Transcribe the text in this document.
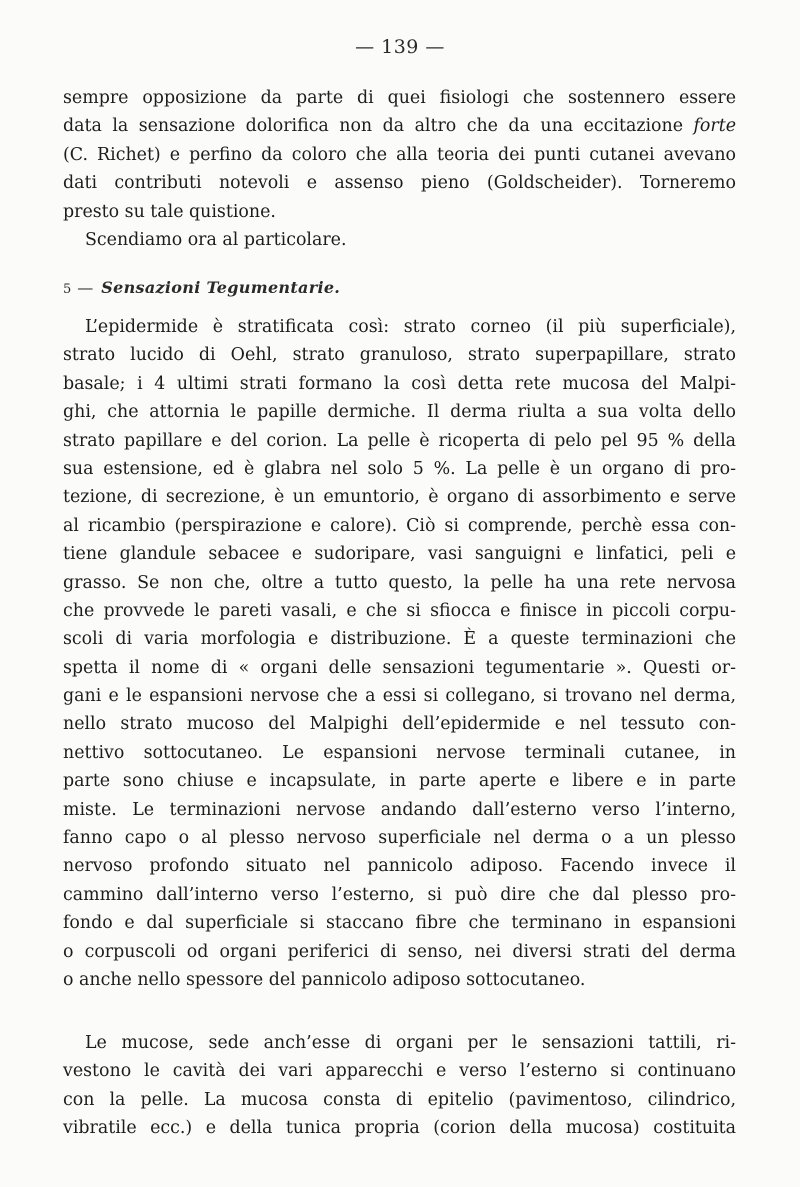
— 139 —
sempre opposizione da parte di quei fisiologi che sostennero essere
data la sensazione dolorifica non da altro che da una eccitazione forte
(C. Richet) e perfino da coloro che alla teoria dei punti cutanei avevano
dati contributi notevoli e assenso pieno (Goldscheider). Torneremo
presto su tale quistione.
Scendiamo ora al particolare.
5 — Sensazioni Tegumentarie.
L’epidermide è stratificata così: strato corneo (il più superficiale),
strato lucido di Oehl, strato granuloso, strato superpapillare, strato
basale; i 4 ultimi strati formano la così detta rete mucosa del Malpi-
ghi, che attornia le papille dermiche. Il derma riulta a sua volta dello
strato papillare e del corion. La pelle è ricoperta di pelo pel 95 % della
sua estensione, ed è glabra nel solo 5 %. La pelle è un organo di pro-
tezione, di secrezione, è un emuntorio, è organo di assorbimento e serve
al ricambio (perspirazione e calore). Ciò si comprende, perchè essa con-
tiene glandule sebacee e sudoripare, vasi sanguigni e linfatici, peli e
grasso. Se non che, oltre a tutto questo, la pelle ha una rete nervosa
che provvede le pareti vasali, e che si sfiocca e finisce in piccoli corpu-
scoli di varia morfologia e distribuzione. È a queste terminazioni che
spetta il nome di « organi delle sensazioni tegumentarie ». Questi or-
gani e le espansioni nervose che a essi si collegano, si trovano nel derma,
nello strato mucoso del Malpighi dell’epidermide e nel tessuto con-
nettivo sottocutaneo. Le espansioni nervose terminali cutanee, in
parte sono chiuse e incapsulate, in parte aperte e libere e in parte
miste. Le terminazioni nervose andando dall’esterno verso l’interno,
fanno capo o al plesso nervoso superficiale nel derma o a un plesso
nervoso profondo situato nel pannicolo adiposo. Facendo invece il
cammino dall’interno verso l’esterno, si può dire che dal plesso pro-
fondo e dal superficiale si staccano fibre che terminano in espansioni
o corpuscoli od organi periferici di senso, nei diversi strati del derma
o anche nello spessore del pannicolo adiposo sottocutaneo.
Le mucose, sede anch’esse di organi per le sensazioni tattili, ri-
vestono le cavità dei vari apparecchi e verso l’esterno si continuano
con la pelle. La mucosa consta di epitelio (pavimentoso, cilindrico,
vibratile ecc.) e della tunica propria (corion della mucosa) costituita
